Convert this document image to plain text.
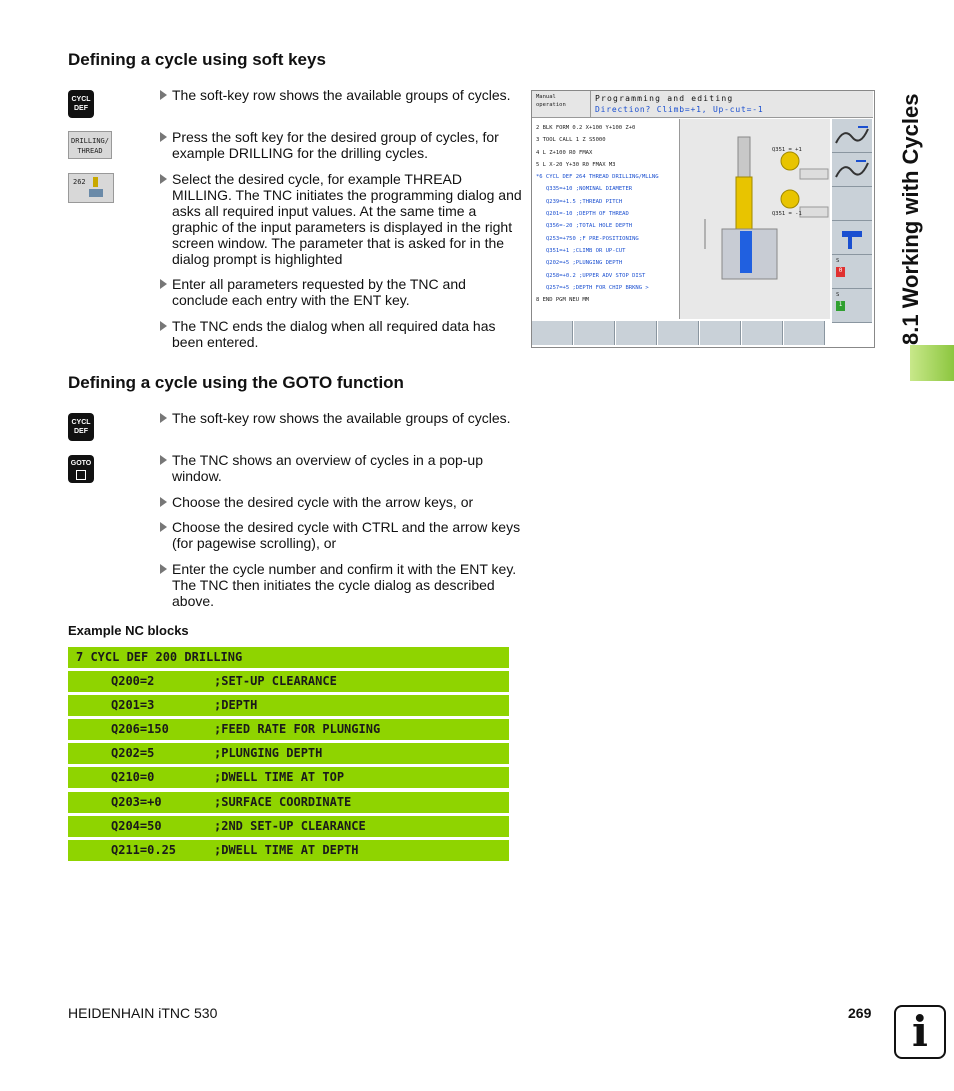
8.1 Working with Cycles
Defining a cycle using soft keys
CYCL
DEF
DRILLING/
THREAD
262
The soft-key row shows the available groups of cycles.
Press the soft key for the desired group of cycles, for example DRILLING for the drilling cycles.
Select the desired cycle, for example THREAD MILLING. The TNC initiates the programming dialog and asks all required input values. At the same time a graphic of the input parameters is displayed in the right screen window. The parameter that is asked for in the dialog prompt is highlighted
Enter all parameters requested by the TNC and conclude each entry with the ENT key.
The TNC ends the dialog when all required data has been entered.
Manual
operation
Programming and editing
Direction? Climb=+1, Up-cut=-1
2 BLK FORM 0.2 X+100 Y+100 Z+0
3 TOOL CALL 1 Z S5000
4 L Z+100 R0 FMAX
5 L X-20 Y+30 R0 FMAX M3
*6 CYCL DEF 264 THREAD DRILLING/MLLNG
Q335=+10 ;NOMINAL DIAMETER
Q239=+1.5 ;THREAD PITCH
Q201=-10 ;DEPTH OF THREAD
Q356=-20 ;TOTAL HOLE DEPTH
Q253=+750 ;F PRE-POSITIONING
Q351=+1 ;CLIMB OR UP-CUT
Q202=+5 ;PLUNGING DEPTH
Q258=+0.2 ;UPPER ADV STOP DIST
Q257=+5 ;DEPTH FOR CHIP BRKNG >
8 END PGM NEU MM
Q351 = +1
Q351 = -1
S
0
S
1
Defining a cycle using the GOTO function
CYCL
DEF
GOTO
The soft-key row shows the available groups of cycles.
The TNC shows an overview of cycles in a pop-up window.
Choose the desired cycle with the arrow keys, or
Choose the desired cycle with CTRL and the arrow keys (for pagewise scrolling), or
Enter the cycle number and confirm it with the ENT key. The TNC then initiates the cycle dialog as described above.
Example NC blocks
7 CYCL DEF 200 DRILLING
Q200=2	;SET-UP CLEARANCE
Q201=3	;DEPTH
Q206=150	;FEED RATE FOR PLUNGING
Q202=5	;PLUNGING DEPTH
Q210=0	;DWELL TIME AT TOP
Q203=+0	;SURFACE COORDINATE
Q204=50	;2ND SET-UP CLEARANCE
Q211=0.25	;DWELL TIME AT DEPTH
HEIDENHAIN iTNC 530	269 i
